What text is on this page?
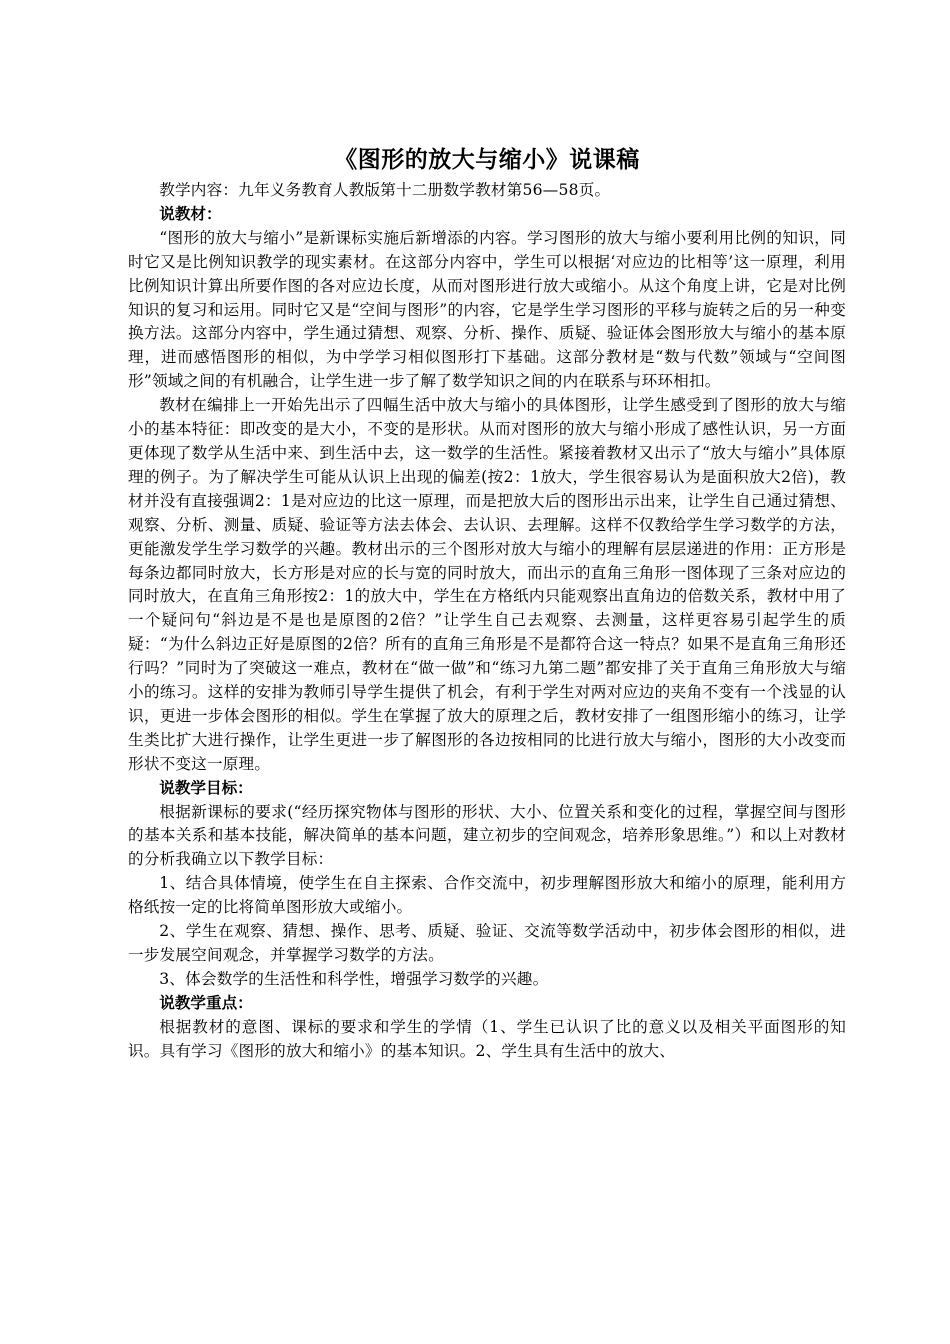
《图形的放大与缩小》说课稿

教学内容：九年义务教育人教版第十二册数学教材第56—58页。

说教材：

“图形的放大与缩小”是新课标实施后新增添的内容。学习图形的放大与缩小要利用比例的知识，同时它又是比例知识教学的现实素材。在这部分内容中，学生可以根据‘对应边的比相等’这一原理，利用比例知识计算出所要作图的各对应边长度，从而对图形进行放大或缩小。从这个角度上讲，它是对比例知识的复习和运用。同时它又是“空间与图形”的内容，它是学生学习图形的平移与旋转之后的另一种变换方法。这部分内容中，学生通过猜想、观察、分析、操作、质疑、验证体会图形放大与缩小的基本原理，进而感悟图形的相似，为中学学习相似图形打下基础。这部分教材是“数与代数”领域与“空间图形”领域之间的有机融合，让学生进一步了解了数学知识之间的内在联系与环环相扣。

教材在编排上一开始先出示了四幅生活中放大与缩小的具体图形，让学生感受到了图形的放大与缩小的基本特征：即改变的是大小，不变的是形状。从而对图形的放大与缩小形成了感性认识，另一方面更体现了数学从生活中来、到生活中去，这一数学的生活性。紧接着教材又出示了“放大与缩小”具体原理的例子。为了解决学生可能从认识上出现的偏差(按2：1放大，学生很容易认为是面积放大2倍)，教材并没有直接强调2：1是对应边的比这一原理，而是把放大后的图形出示出来，让学生自己通过猜想、观察、分析、测量、质疑、验证等方法去体会、去认识、去理解。这样不仅教给学生学习数学的方法，更能激发学生学习数学的兴趣。教材出示的三个图形对放大与缩小的理解有层层递进的作用：正方形是每条边都同时放大，长方形是对应的长与宽的同时放大，而出示的直角三角形一图体现了三条对应边的同时放大，在直角三角形按2：1的放大中，学生在方格纸内只能观察出直角边的倍数关系，教材中用了一个疑问句“斜边是不是也是原图的2倍？”让学生自己去观察、去测量，这样更容易引起学生的质疑：“为什么斜边正好是原图的2倍？所有的直角三角形是不是都符合这一特点？如果不是直角三角形还行吗？”同时为了突破这一难点，教材在“做一做”和“练习九第二题”都安排了关于直角三角形放大与缩小的练习。这样的安排为教师引导学生提供了机会，有利于学生对两对应边的夹角不变有一个浅显的认识，更进一步体会图形的相似。学生在掌握了放大的原理之后，教材安排了一组图形缩小的练习，让学生类比扩大进行操作，让学生更进一步了解图形的各边按相同的比进行放大与缩小，图形的大小改变而形状不变这一原理。

说教学目标：

根据新课标的要求(“经历探究物体与图形的形状、大小、位置关系和变化的过程，掌握空间与图形的基本关系和基本技能，解决简单的基本问题，建立初步的空间观念，培养形象思维。”）和以上对教材的分析我确立以下教学目标：

1、结合具体情境，使学生在自主探索、合作交流中，初步理解图形放大和缩小的原理，能利用方格纸按一定的比将简单图形放大或缩小。

2、学生在观察、猜想、操作、思考、质疑、验证、交流等数学活动中，初步体会图形的相似，进一步发展空间观念，并掌握学习数学的方法。

3、体会数学的生活性和科学性，增强学习数学的兴趣。

说教学重点：

根据教材的意图、课标的要求和学生的学情（1、学生已认识了比的意义以及相关平面图形的知识。具有学习《图形的放大和缩小》的基本知识。2、学生具有生活中的放大、
